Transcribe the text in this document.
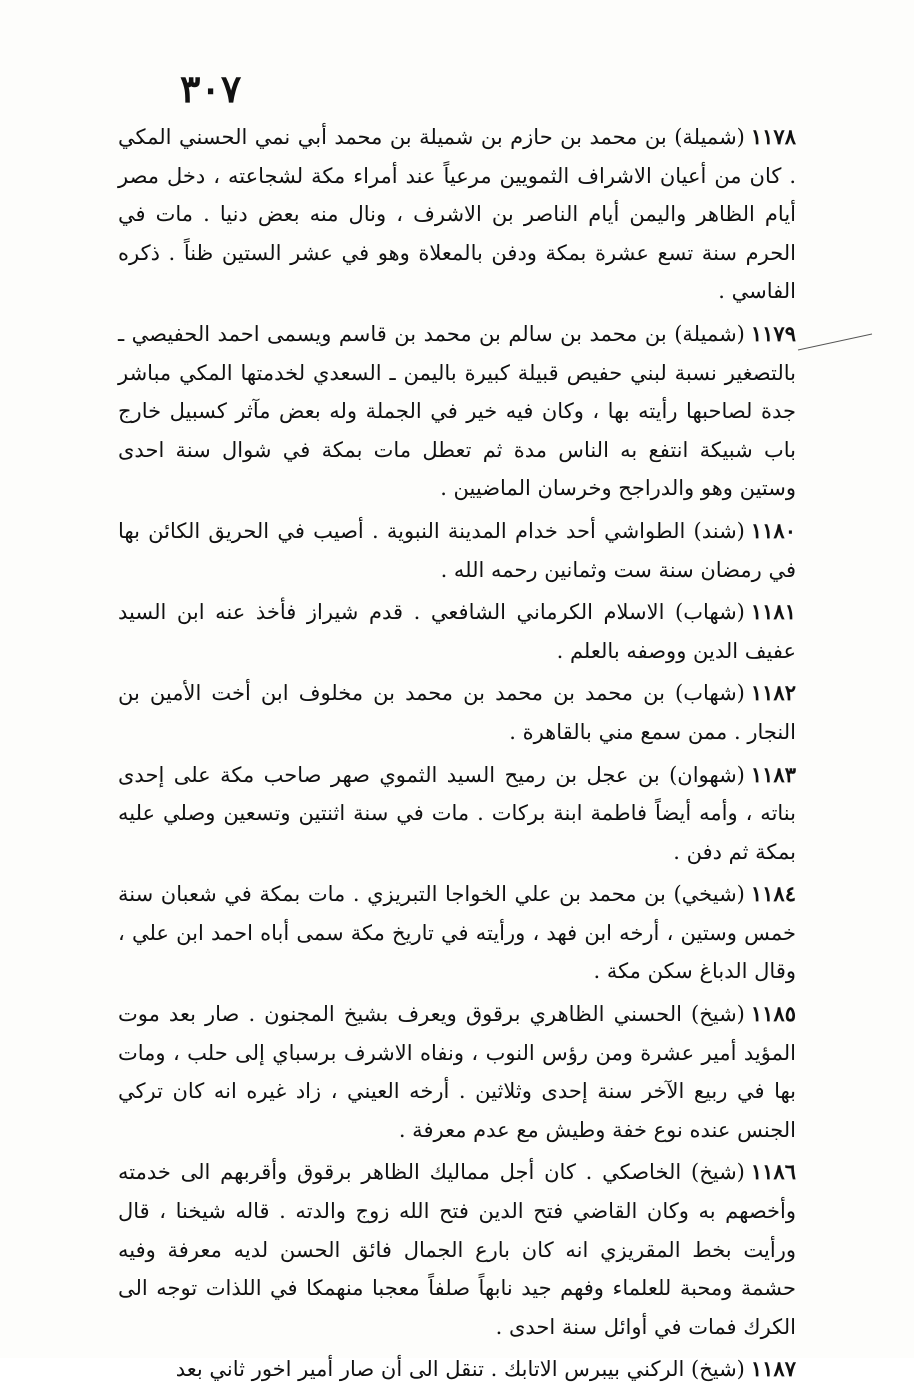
٣٠٧

١١٧٨(شميلة) بن محمد بن حازم بن شميلة بن محمد أبي نمي الحسني المكي . كان من أعيان الاشراف الثمويين مرعياً عند أمراء مكة لشجاعته ، دخل مصر أيام الظاهر واليمن أيام الناصر بن الاشرف ، ونال منه بعض دنيا . مات في الحرم سنة تسع عشرة بمكة ودفن بالمعلاة وهو في عشر الستين ظناً . ذكره الفاسي .

١١٧٩(شميلة) بن محمد بن سالم بن محمد بن قاسم ويسمى احمد الحفيصي ـ بالتصغير نسبة لبني حفيص قبيلة كبيرة باليمن ـ السعدي لخدمتها المكي مباشر جدة لصاحبها رأيته بها ، وكان فيه خير في الجملة وله بعض مآثر كسبيل خارج باب شبيكة انتفع به الناس مدة ثم تعطل مات بمكة في شوال سنة احدى وستين وهو والدراجح وخرسان الماضيين .

١١٨٠(شند) الطواشي أحد خدام المدينة النبوية . أصيب في الحريق الكائن بها في رمضان سنة ست وثمانين رحمه الله .

١١٨١(شهاب) الاسلام الكرماني الشافعي . قدم شيراز فأخذ عنه ابن السيد عفيف الدين ووصفه بالعلم .

١١٨٢(شهاب) بن محمد بن محمد بن محمد بن مخلوف ابن أخت الأمين بن النجار . ممن سمع مني بالقاهرة .

١١٨٣(شهوان) بن عجل بن رميح السيد الثموي صهر صاحب مكة على إحدى بناته ، وأمه أيضاً فاطمة ابنة بركات . مات في سنة اثنتين وتسعين وصلي عليه بمكة ثم دفن .

١١٨٤(شيخي) بن محمد بن علي الخواجا التبريزي . مات بمكة في شعبان سنة خمس وستين ، أرخه ابن فهد ، ورأيته في تاريخ مكة سمى أباه احمد ابن علي ، وقال الدباغ سكن مكة .

١١٨٥(شيخ) الحسني الظاهري برقوق ويعرف بشيخ المجنون . صار بعد موت المؤيد أمير عشرة ومن رؤس النوب ، ونفاه الاشرف برسباي إلى حلب ، ومات بها في ربيع الآخر سنة إحدى وثلاثين . أرخه العيني ، زاد غيره انه كان تركي الجنس عنده نوع خفة وطيش مع عدم معرفة .

١١٨٦(شيخ) الخاصكي . كان أجل مماليك الظاهر برقوق وأقربهم الى خدمته وأخصهم به وكان القاضي فتح الدين فتح الله زوج والدته . قاله شيخنا ، قال ورأيت بخط المقريزي انه كان بارع الجمال فائق الحسن لديه معرفة وفيه حشمة ومحبة للعلماء وفهم جيد نابهاً صلفاً معجبا منهمكا في اللذات توجه الى الكرك فمات في أوائل سنة احدى .

١١٨٧(شيخ) الركني بيبرس الاتابك . تنقل الى أن صار أمير اخور ثاني بعد
